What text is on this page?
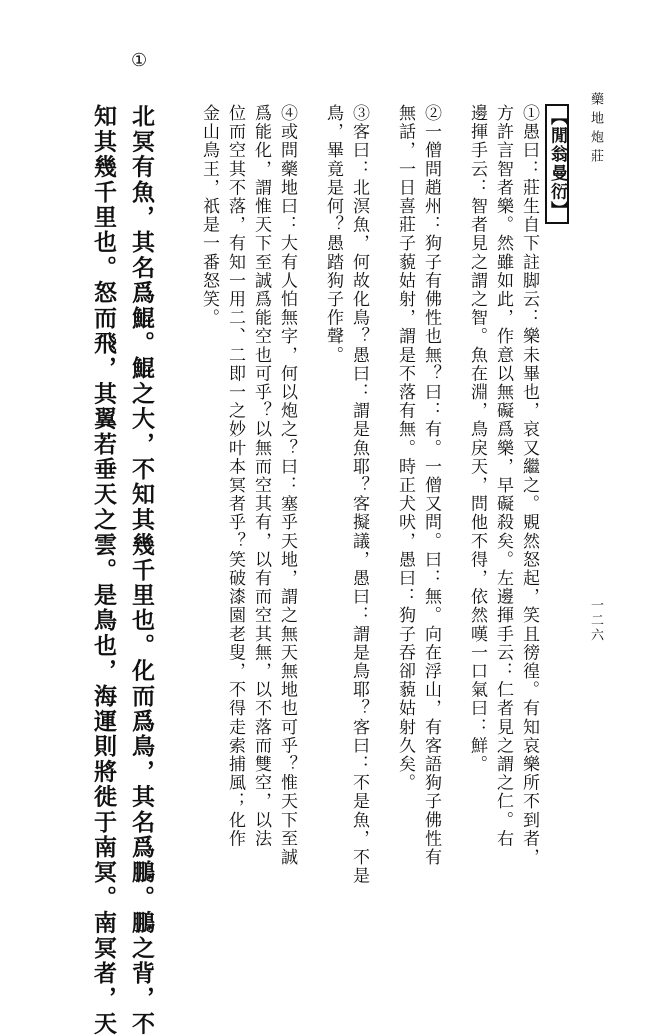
藥地炮莊
一二六
【閒翁曼衍】
①愚曰：莊生自下註脚云：樂未畢也，哀又繼之。覞然怒起，笑且徬徨。有知哀樂所不到者，
方許言智者樂。然雖如此，作意以無礙爲樂，早礙殺矣。左邊揮手云：仁者見之謂之仁。右
邊揮手云：智者見之謂之智。魚在淵，鳥戾天，問他不得，依然嘆一口氣曰：鮮。
②一僧問趙州：狗子有佛性也無？曰：有。一僧又問。曰：無。向在浮山，有客語狗子佛性有
無話，一日喜莊子藐姑射，謂是不落有無。時正犬吠，愚曰：狗子吞卻藐姑射久矣。
③客曰：北溟魚，何故化鳥？愚曰：謂是魚耶？客擬議，愚曰：謂是鳥耶？客曰：不是魚，不是
鳥，畢竟是何？愚踏狗子作聲。
④或問藥地曰：大有人怕無字，何以炮之？曰：塞乎天地，謂之無天無地也可乎？惟天下至誠
爲能化，謂惟天下至誠爲能空也可乎？以無而空其有，以有而空其無，以不落而雙空，以法
位而空其不落，有知一用二、二即一之妙叶本冥者乎？笑破漆園老叟，不得走索捕風；化作
金山鳥王，祇是一番怒笑。
①
北冥有魚，其名爲鯤。鯤之大，不知其幾千里也。化而爲鳥，其名爲鵬。鵬之背，不
知其幾千里也。怒而飛，其翼若垂天之雲。是鳥也，海運則將徙于南冥。南冥者，天
